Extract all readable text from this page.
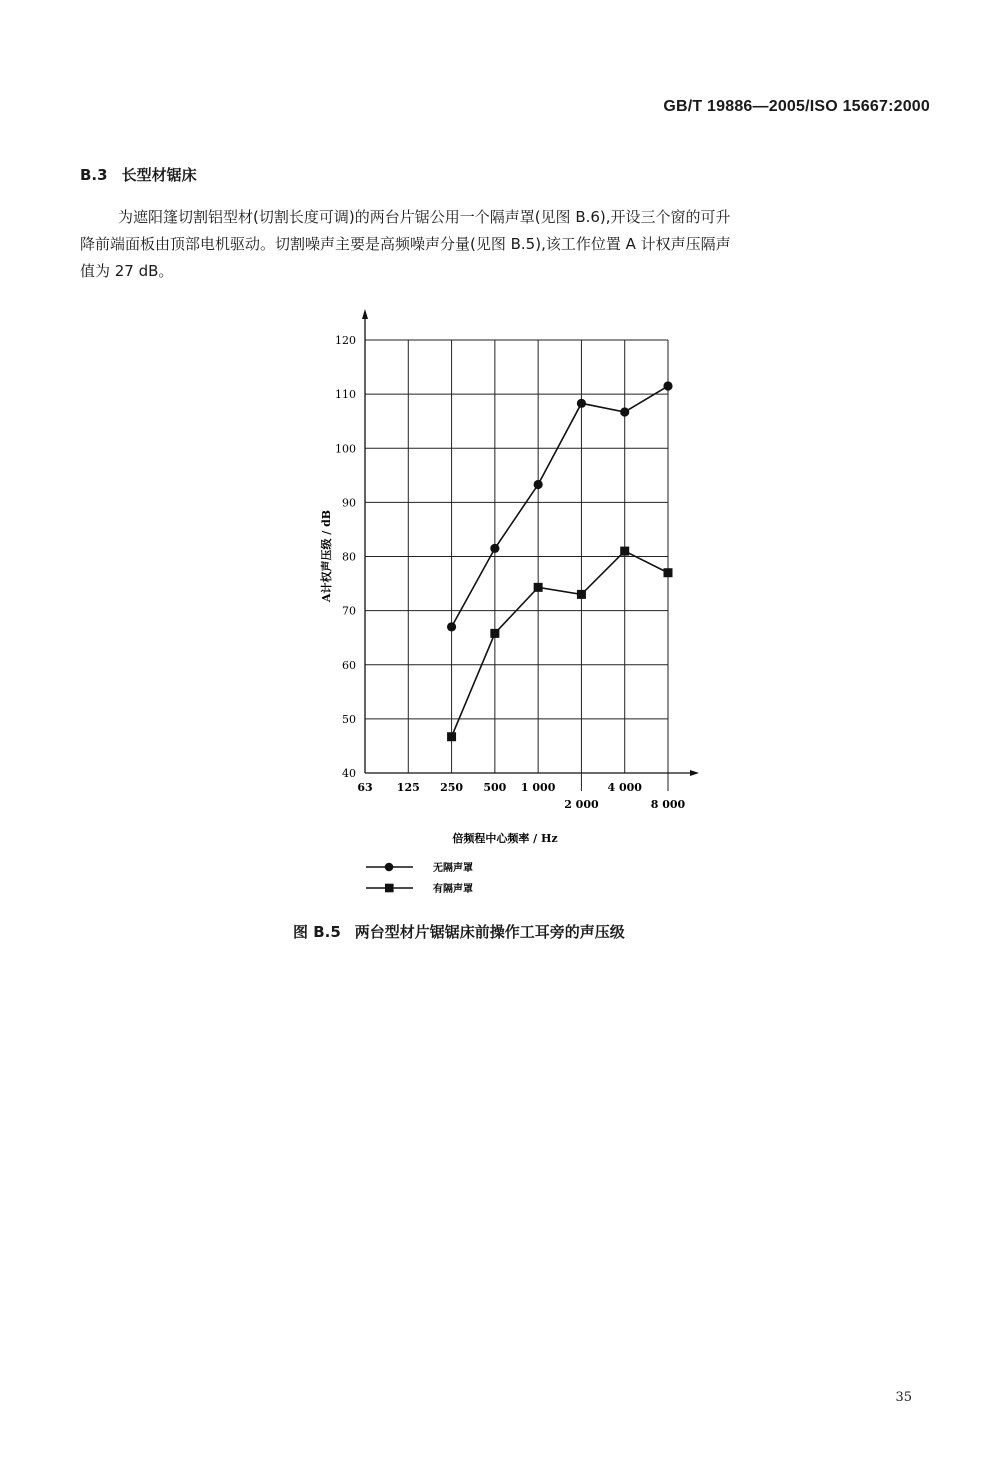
GB/T 19886—2005/ISO 15667:2000
B.3 长型材锯床
为遮阳篷切割铝型材(切割长度可调)的两台片锯公用一个隔声罩(见图 B.6),开设三个窗的可升
降前端面板由顶部电机驱动。切割噪声主要是高频噪声分量(见图 B.5),该工作位置 A 计权声压隔声
值为 27 dB。
40
50
60
70
80
90
100
110
120
63 125 250 500 1 000
2 000
4 000
8 000
A计权声压级 / dB
倍频程中心频率 / Hz
无隔声罩
有隔声罩
图 B.5 两台型材片锯锯床前操作工耳旁的声压级
35
